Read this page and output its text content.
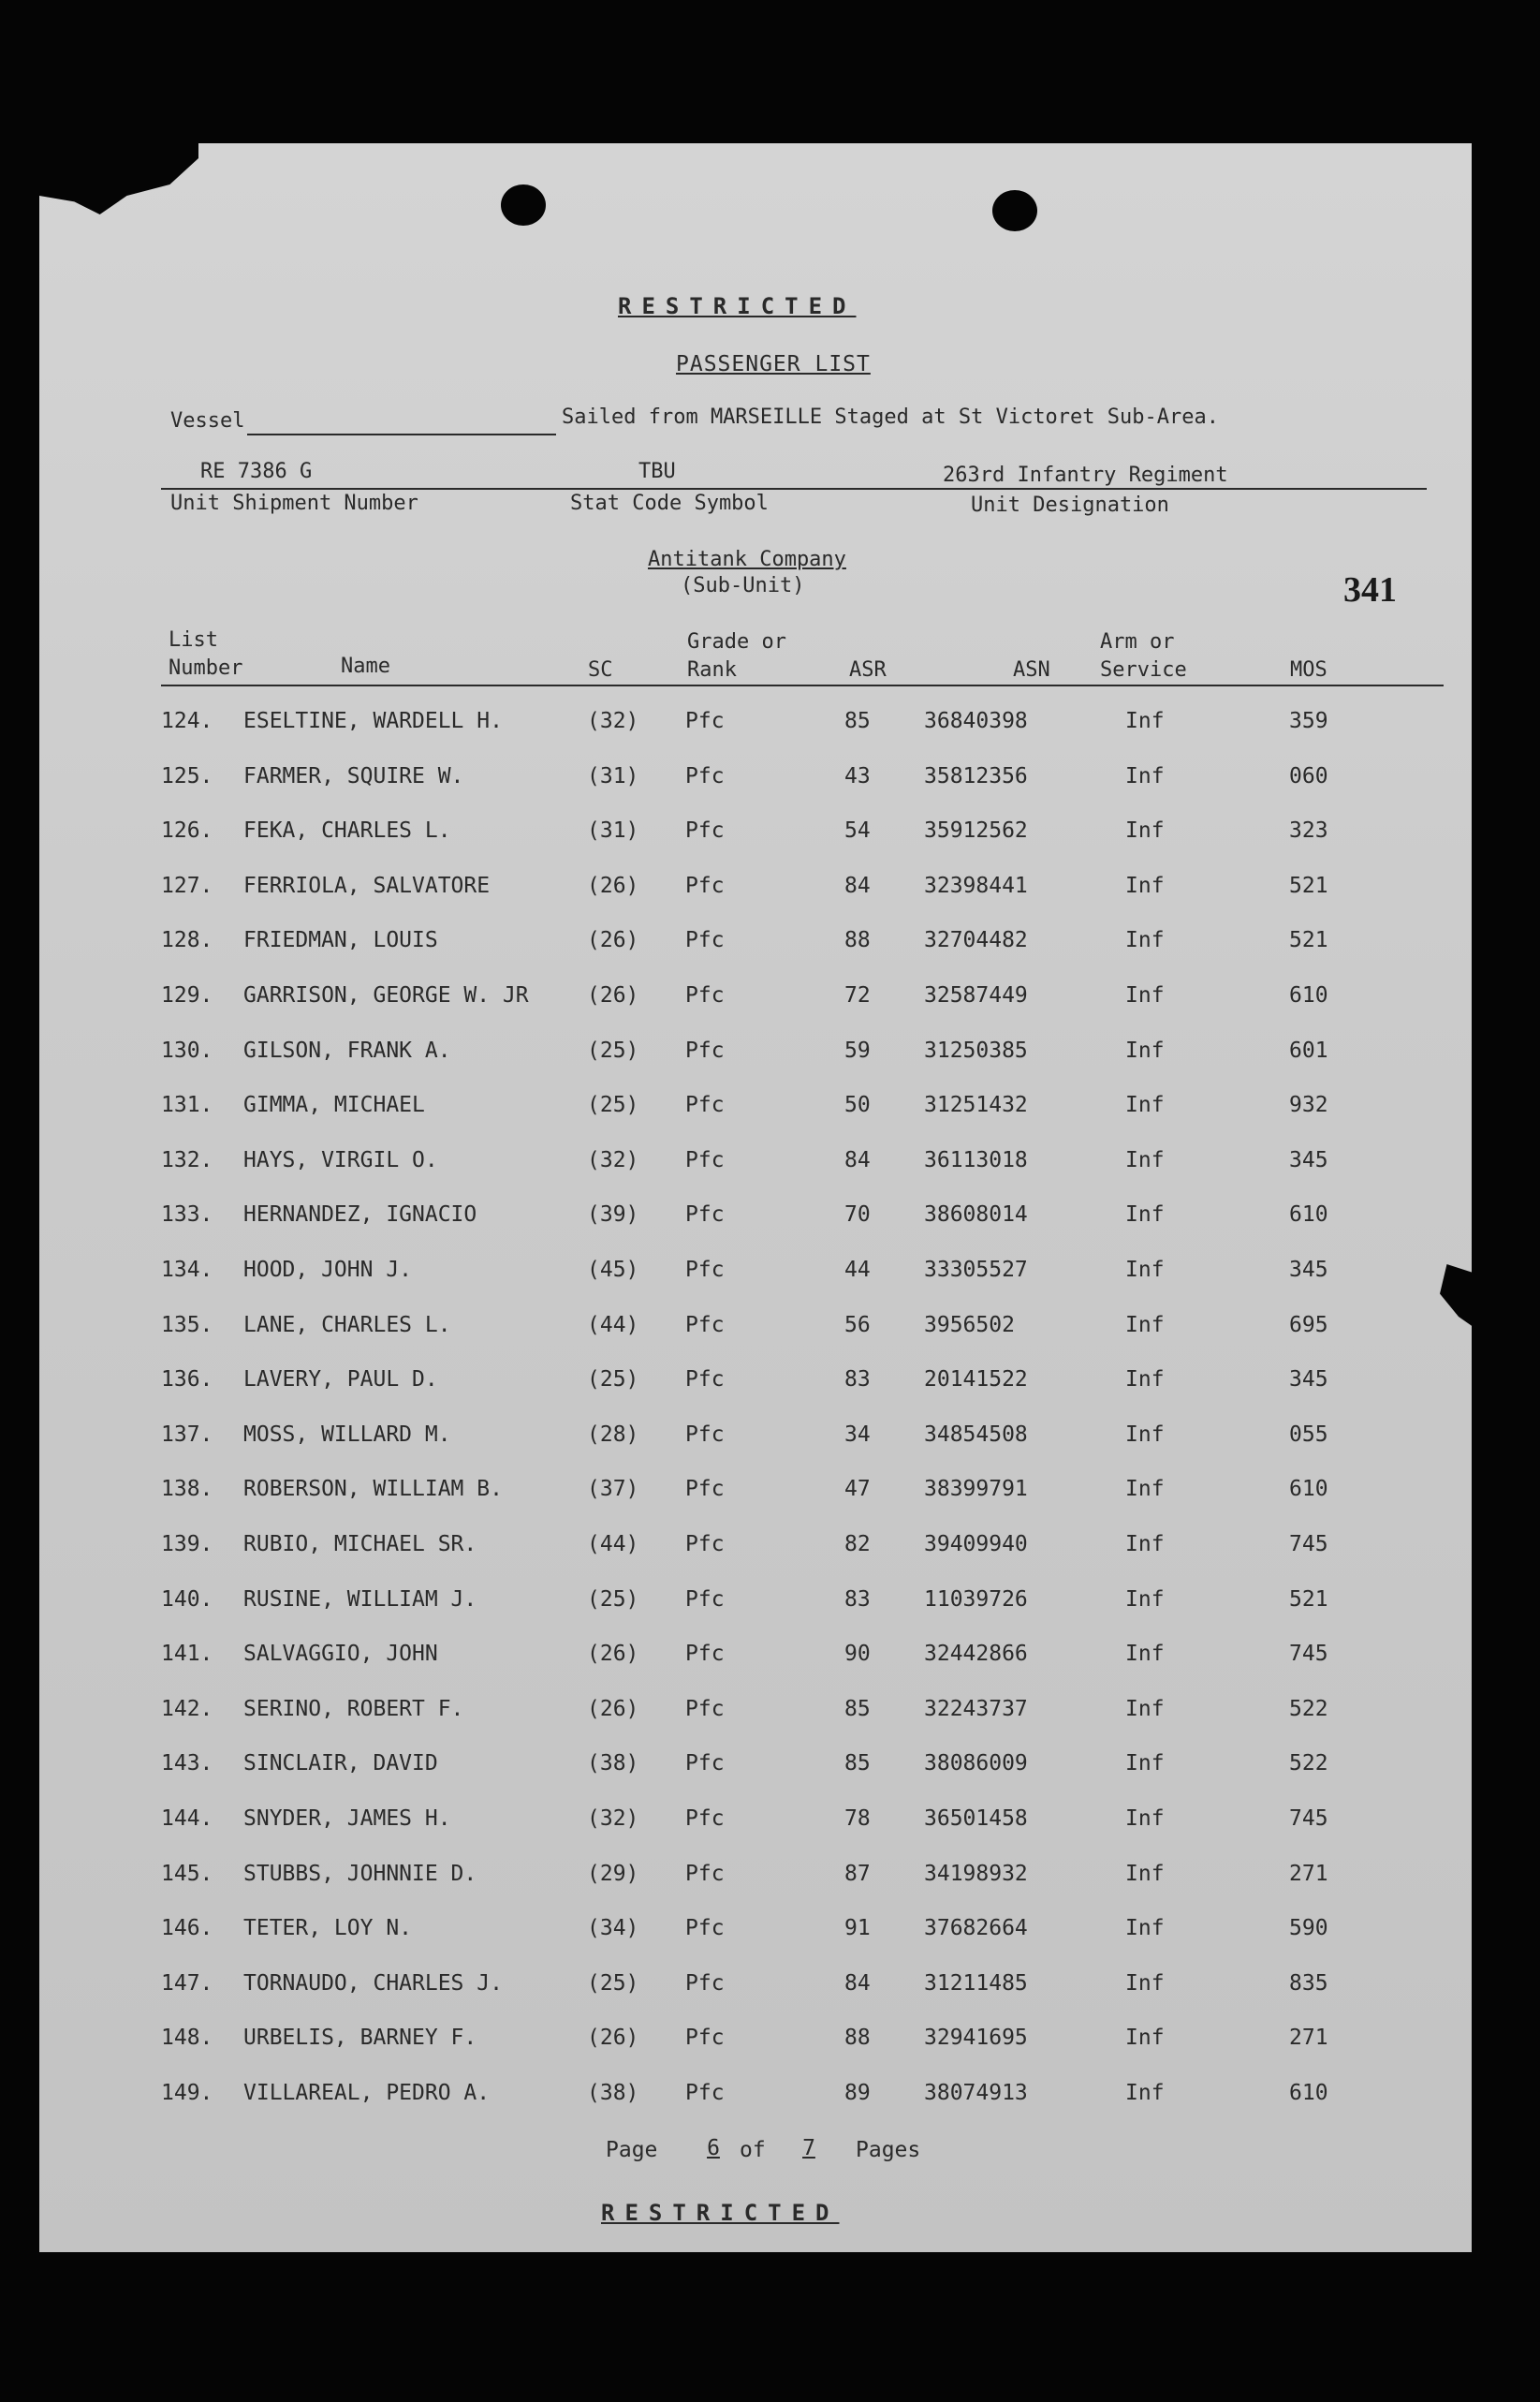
RESTRICTED
PASSENGER LIST
Vessel	Sailed from MARSEILLE Staged at St Victoret Sub-Area.
RE 7386 G	TBU	263rd Infantry Regiment
Unit Shipment Number	Stat Code Symbol	Unit Designation
Antitank Company
(Sub-Unit)	341
List
Number	Name	SC
Grade or
Rank	ASR	ASN
Arm or
Service	MOS
124. ESELTINE, WARDELL H.	(32) Pfc	85 36840398	Inf	359
125. FARMER, SQUIRE W.	(31) Pfc	43 35812356	Inf	060
126. FEKA, CHARLES L.	(31) Pfc	54 35912562	Inf	323
127. FERRIOLA, SALVATORE	(26) Pfc	84 32398441	Inf	521
128. FRIEDMAN, LOUIS	(26) Pfc	88 32704482	Inf	521
129. GARRISON, GEORGE W. JR	(26) Pfc	72 32587449	Inf	610
130. GILSON, FRANK A.	(25) Pfc	59 31250385	Inf	601
131. GIMMA, MICHAEL	(25) Pfc	50 31251432	Inf	932
132. HAYS, VIRGIL O.	(32) Pfc	84 36113018	Inf	345
133. HERNANDEZ, IGNACIO	(39) Pfc	70 38608014	Inf	610
134. HOOD, JOHN J.	(45) Pfc	44 33305527	Inf	345
135. LANE, CHARLES L.	(44) Pfc	56 3956502	Inf	695
136. LAVERY, PAUL D.	(25) Pfc	83 20141522	Inf	345
137. MOSS, WILLARD M.	(28) Pfc	34 34854508	Inf	055
138. ROBERSON, WILLIAM B.	(37) Pfc	47 38399791	Inf	610
139. RUBIO, MICHAEL SR.	(44) Pfc	82 39409940	Inf	745
140. RUSINE, WILLIAM J.	(25) Pfc	83 11039726	Inf	521
141. SALVAGGIO, JOHN	(26) Pfc	90 32442866	Inf	745
142. SERINO, ROBERT F.	(26) Pfc	85 32243737	Inf	522
143. SINCLAIR, DAVID	(38) Pfc	85 38086009	Inf	522
144. SNYDER, JAMES H.	(32) Pfc	78 36501458	Inf	745
145. STUBBS, JOHNNIE D.	(29) Pfc	87 34198932	Inf	271
146. TETER, LOY N.	(34) Pfc	91 37682664	Inf	590
147. TORNAUDO, CHARLES J.	(25) Pfc	84 31211485	Inf	835
148. URBELIS, BARNEY F.	(26) Pfc	88 32941695	Inf	271
149. VILLAREAL, PEDRO A.	(38) Pfc	89 38074913	Inf	610
Page	6 of	7	Pages
RESTRICTED
